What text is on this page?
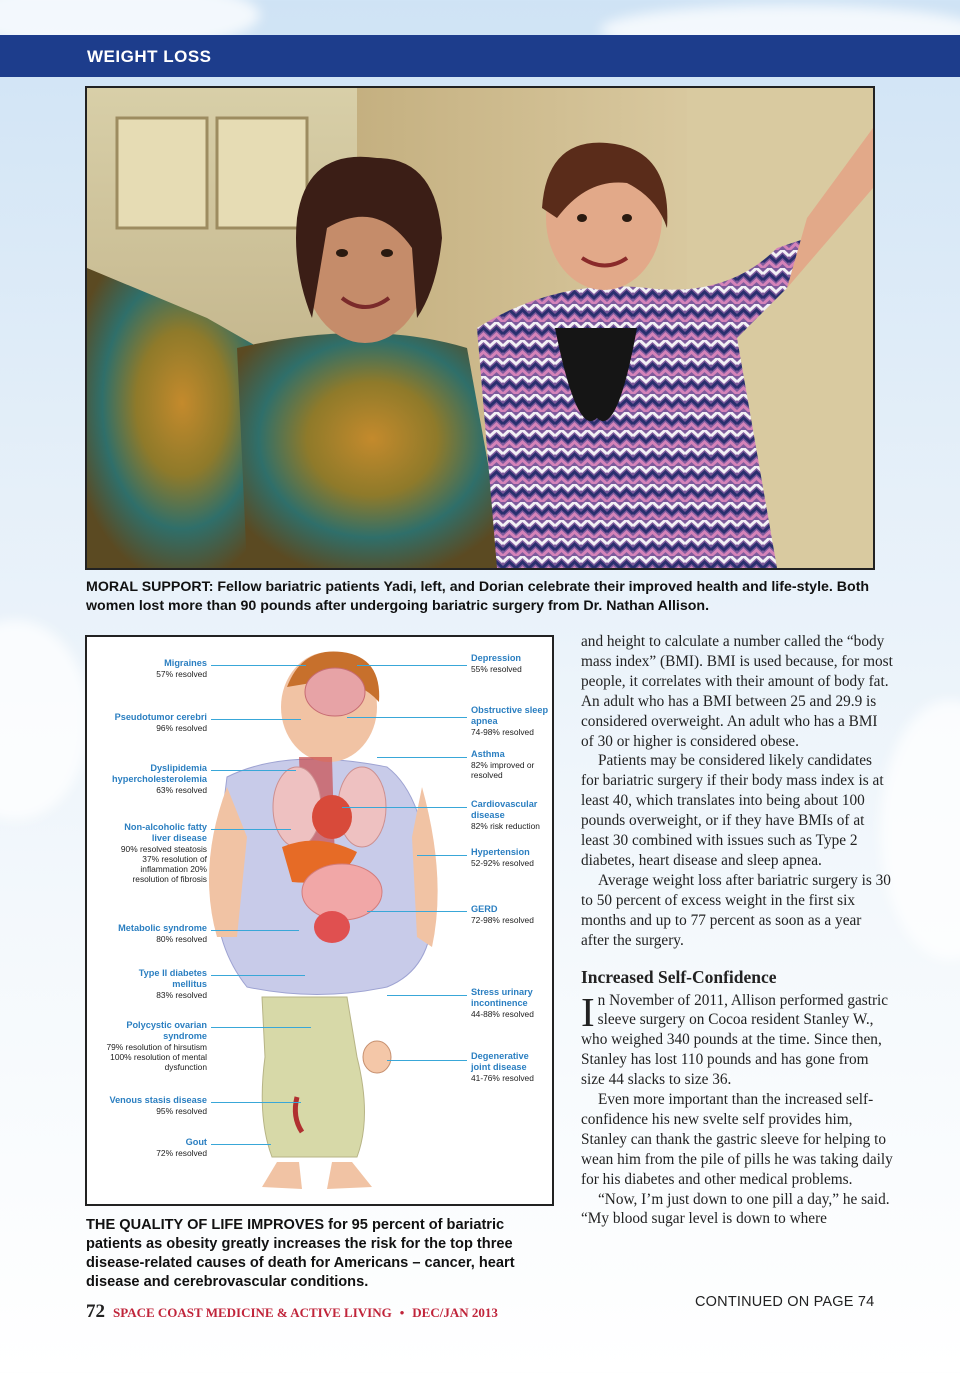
WEIGHT LOSS
MORAL SUPPORT: Fellow bariatric patients Yadi, left, and Dorian celebrate their improved health and life-style. Both women lost more than 90 pounds after undergoing bariatric surgery from Dr. Nathan Allison.
Migraines
57% resolved
Pseudotumor cerebri
96% resolved
Dyslipidemia hypercholesterolemia
63% resolved
Non-alcoholic fatty liver disease
90% resolved steatosis 37% resolution of inflammation 20% resolution of fibrosis
Metabolic syndrome
80% resolved
Type II diabetes mellitus
83% resolved
Polycystic ovarian syndrome
79% resolution of hirsutism 100% resolution of mental dysfunction
Venous stasis disease
95% resolved
Gout
72% resolved
Depression
55% resolved
Obstructive sleep apnea
74-98% resolved
Asthma
82% improved or resolved
Cardiovascular disease
82% risk reduction
Hypertension
52-92% resolved
GERD
72-98% resolved
Stress urinary incontinence
44-88% resolved
Degenerative joint disease
41-76% resolved
THE QUALITY OF LIFE IMPROVES for 95 percent of bariatric patients as obesity greatly increases the risk for the top three disease-related causes of death for Americans – cancer, heart disease and cerebrovascular conditions.
72 SPACE COAST MEDICINE & ACTIVE LIVING • DEC/JAN 2013

and height to calculate a number called the “body mass index” (BMI). BMI is used because, for most people, it correlates with their amount of body fat. An adult who has a BMI between 25 and 29.9 is considered overweight. An adult who has a BMI of 30 or higher is considered obese.

Patients may be considered likely candidates for bariatric surgery if their body mass index is at least 40, which translates into being about 100 pounds overweight, or if they have BMIs of at least 30 combined with issues such as Type 2 diabetes, heart disease and sleep apnea.

Average weight loss after bariatric surgery is 30 to 50 percent of excess weight in the first six months and up to 77 percent as soon as a year after the surgery.

Increased Self-Confidence

In November of 2011, Allison performed gastric sleeve surgery on Cocoa resident Stanley W., who weighed 340 pounds at the time. Since then, Stanley has lost 110 pounds and has gone from size 44 slacks to size 36.

Even more important than the increased self-confidence his new svelte self provides him, Stanley can thank the gastric sleeve for helping to wean him from the pile of pills he was taking daily for his diabetes and other medical problems.

“Now, I’m just down to one pill a day,” he said. “My blood sugar level is down to where

CONTINUED ON PAGE 74
